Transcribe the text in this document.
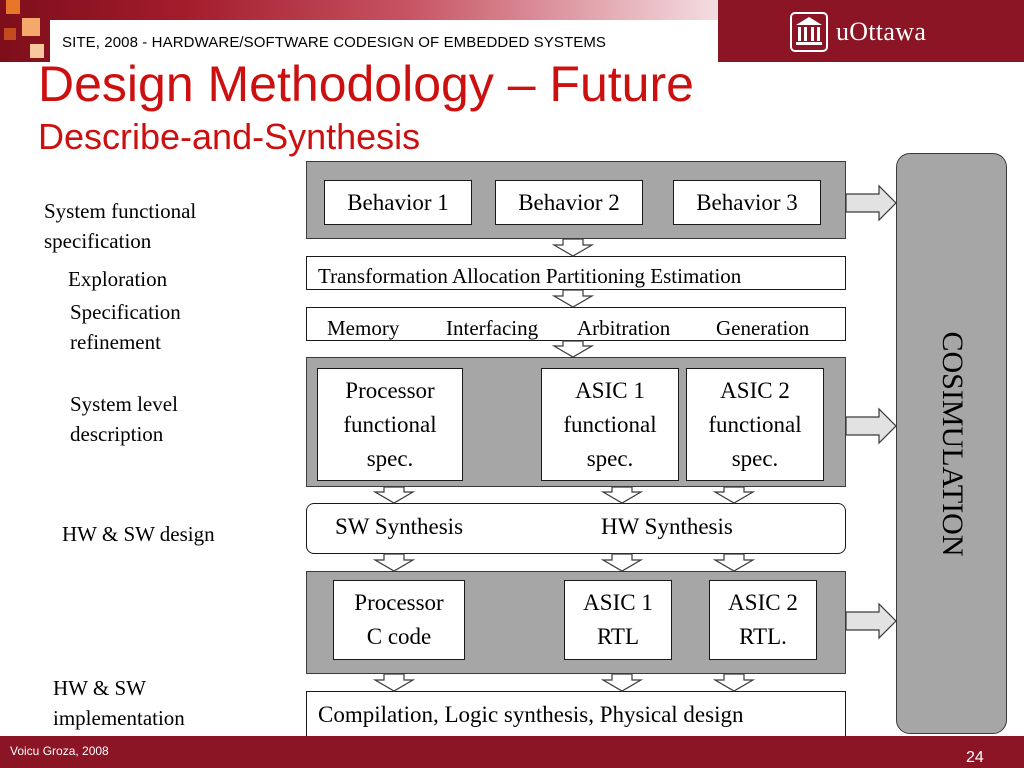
SITE, 2008 - HARDWARE/SOFTWARE CODESIGN OF EMBEDDED SYSTEMS	uOttawa
Design Methodology – Future
Describe-and-Synthesis
System functional
specification
Exploration
Specification
refinement
System level
description
HW & SW design
HW & SW
implementation
Behavior 1	Behavior 2	Behavior 3
Transformation Allocation Partitioning Estimation
Memory Interfacing Arbitration Generation
Processor
functional
spec.
ASIC 1
functional
spec.
ASIC 2
functional
spec.
SW Synthesis	HW Synthesis
Processor
C code
ASIC 1
RTL
ASIC 2
RTL.
Compilation, Logic synthesis, Physical design
COSIMULATION
Voicu Groza, 2008	24
